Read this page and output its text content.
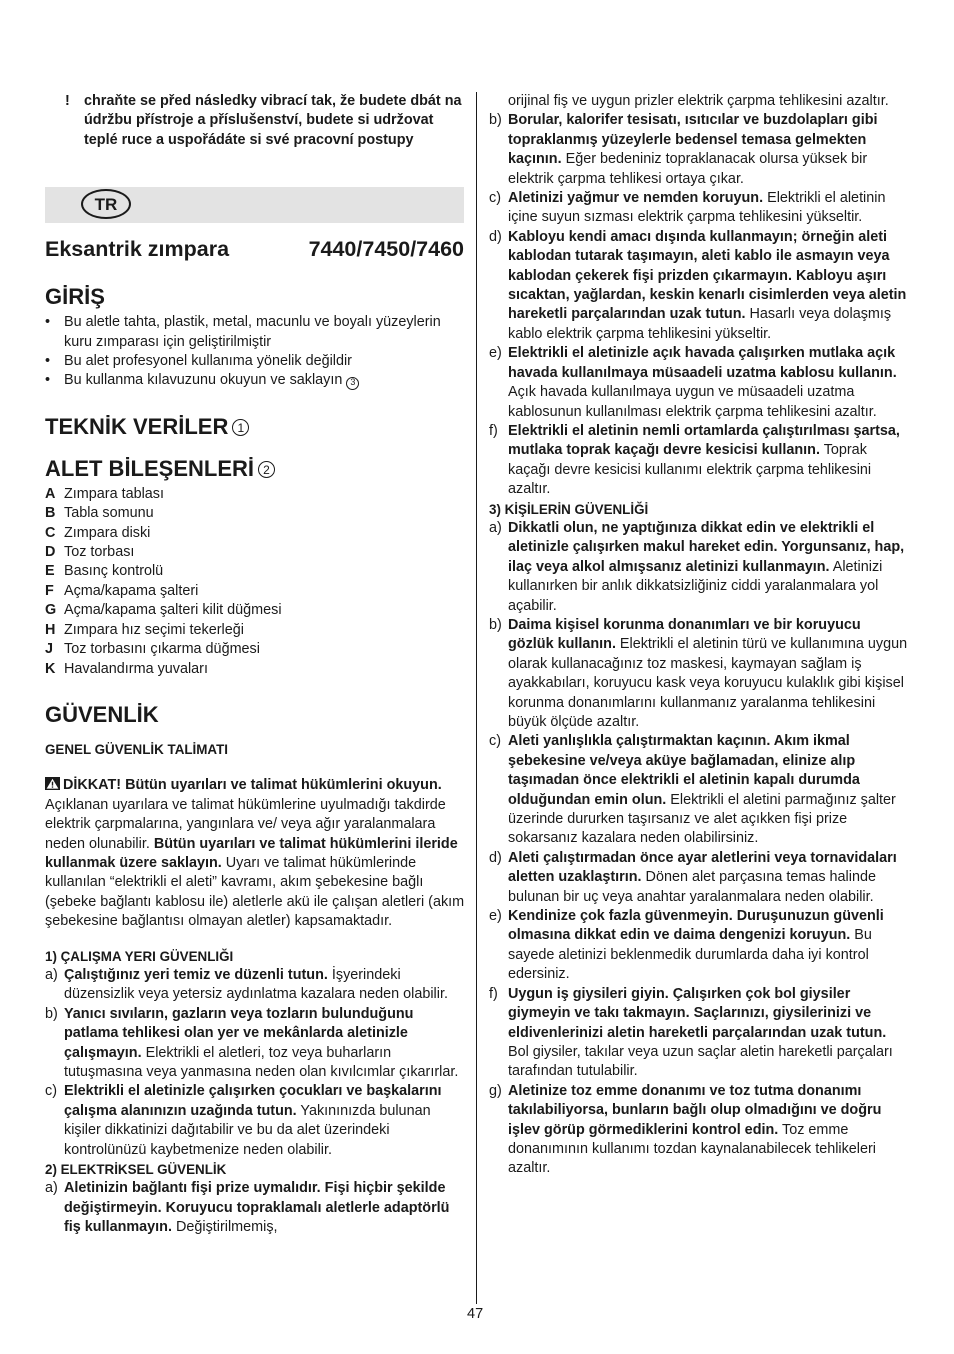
! chraňte se před následky vibrací tak, že budete dbát na údržbu přístroje a příslušenství, budete si udržovat teplé ruce a uspořádáte si své pracovní postupy
TR
Eksantrik zımpara	7440/7450/7460
GİRİŞ
• Bu aletle tahta, plastik, metal, macunlu ve boyalı yüzeylerin kuru zımparası için geliştirilmiştir
• Bu alet profesyonel kullanıma yönelik değildir
• Bu kullanma kılavuzunu okuyun ve saklayın 3
TEKNİK VERİLER 1
ALET BİLEŞENLERİ 2
A Zımpara tablası
B Tabla somunu
C Zımpara diski
D Toz torbası
E Basınç kontrolü
F Açma/kapama şalteri
G Açma/kapama şalteri kilit düğmesi
H Zımpara hız seçimi tekerleği
J Toz torbasını çıkarma düğmesi
K Havalandırma yuvaları
GÜVENLİK
GENEL GÜVENLİK TALİMATI
DİKKAT! Bütün uyarıları ve talimat hükümlerini okuyun. Açıklanan uyarılara ve talimat hükümlerine uyulmadığı takdirde elektrik çarpmalarına, yangınlara ve/ veya ağır yaralanmalara neden olunabilir. Bütün uyarıları ve talimat hükümlerini ileride kullanmak üzere saklayın. Uyarı ve talimat hükümlerinde kullanılan “elektrikli el aleti” kavramı, akım şebekesine bağlı (şebeke bağlantı kablosu ile) aletlerle akü ile çalışan aletleri (akım şebekesine bağlantısı olmayan aletler) kapsamaktadır.
1) ÇALIŞMA YERI GÜVENLIĞI
a) Çalıştığınız yeri temiz ve düzenli tutun. İşyerindeki düzensizlik veya yetersiz aydınlatma kazalara neden olabilir.
b) Yanıcı sıvıların, gazların veya tozların bulunduğunu patlama tehlikesi olan yer ve mekânlarda aletinizle çalışmayın. Elektrikli el aletleri, toz veya buharların tutuşmasına veya yanmasına neden olan kıvılcımlar çıkarırlar.
c) Elektrikli el aletinizle çalışırken çocukları ve başkalarını çalışma alanınızın uzağında tutun. Yakınınızda bulunan kişiler dikkatinizi dağıtabilir ve bu da alet üzerindeki kontrolünüzü kaybetmenize neden olabilir.
2) ELEKTRİKSEL GÜVENLİK
a) Aletinizin bağlantı fişi prize uymalıdır. Fişi hiçbir şekilde değiştirmeyin. Koruyucu topraklamalı aletlerle adaptörlü fiş kullanmayın. Değiştirilmemiş,
orijinal fiş ve uygun prizler elektrik çarpma tehlikesini azaltır.
b) Borular, kalorifer tesisatı, ısıtıcılar ve buzdolapları gibi topraklanmış yüzeylerle bedensel temasa gelmekten kaçının. Eğer bedeniniz topraklanacak olursa yüksek bir elektrik çarpma tehlikesi ortaya çıkar.
c) Aletinizi yağmur ve nemden koruyun. Elektrikli el aletinin içine suyun sızması elektrik çarpma tehlikesini yükseltir.
d) Kabloyu kendi amacı dışında kullanmayın; örneğin aleti kablodan tutarak taşımayın, aleti kablo ile asmayın veya kablodan çekerek fişi prizden çıkarmayın. Kabloyu aşırı sıcaktan, yağlardan, keskin kenarlı cisimlerden veya aletin hareketli parçalarından uzak tutun. Hasarlı veya dolaşmış kablo elektrik çarpma tehlikesini yükseltir.
e) Elektrikli el aletinizle açık havada çalışırken mutlaka açık havada kullanılmaya müsaadeli uzatma kablosu kullanın. Açık havada kullanılmaya uygun ve müsaadeli uzatma kablosunun kullanılması elektrik çarpma tehlikesini azaltır.
f) Elektrikli el aletinin nemli ortamlarda çalıştırılması şartsa, mutlaka toprak kaçağı devre kesicisi kullanın. Toprak kaçağı devre kesicisi kullanımı elektrik çarpma tehlikesini azaltır.
3) KİŞİLERİN GÜVENLİĞİ
a) Dikkatli olun, ne yaptığınıza dikkat edin ve elektrikli el aletinizle çalışırken makul hareket edin. Yorgunsanız, hap, ilaç veya alkol almışsanız aletinizi kullanmayın. Aletinizi kullanırken bir anlık dikkatsizliğiniz ciddi yaralanmalara yol açabilir.
b) Daima kişisel korunma donanımları ve bir koruyucu gözlük kullanın. Elektrikli el aletinin türü ve kullanımına uygun olarak kullanacağınız toz maskesi, kaymayan sağlam iş ayakkabıları, koruyucu kask veya koruyucu kulaklık gibi kişisel korunma donanımlarını kullanmanız yaralanma tehlikesini büyük ölçüde azaltır.
c) Aleti yanlışlıkla çalıştırmaktan kaçının. Akım ikmal şebekesine ve/veya aküye bağlamadan, elinize alıp taşımadan önce elektrikli el aletinin kapalı durumda olduğundan emin olun. Elektrikli el aletini parmağınız şalter üzerinde dururken taşırsanız ve alet açıkken fişi prize sokarsanız kazalara neden olabilirsiniz.
d) Aleti çalıştırmadan önce ayar aletlerini veya tornavidaları aletten uzaklaştırın. Dönen alet parçasına temas halinde bulunan bir uç veya anahtar yaralanmalara neden olabilir.
e) Kendinize çok fazla güvenmeyin. Duruşunuzun güvenli olmasına dikkat edin ve daima dengenizi koruyun. Bu sayede aletinizi beklenmedik durumlarda daha iyi kontrol edersiniz.
f) Uygun iş giysileri giyin. Çalışırken çok bol giysiler giymeyin ve takı takmayın. Saçlarınızı, giysilerinizi ve eldivenlerinizi aletin hareketli parçalarından uzak tutun. Bol giysiler, takılar veya uzun saçlar aletin hareketli parçaları tarafından tutulabilir.
g) Aletinize toz emme donanımı ve toz tutma donanımı takılabiliyorsa, bunların bağlı olup olmadığını ve doğru işlev görüp görmediklerini kontrol edin. Toz emme donanımının kullanımı tozdan kaynalanabilecek tehlikeleri azaltır.
47
